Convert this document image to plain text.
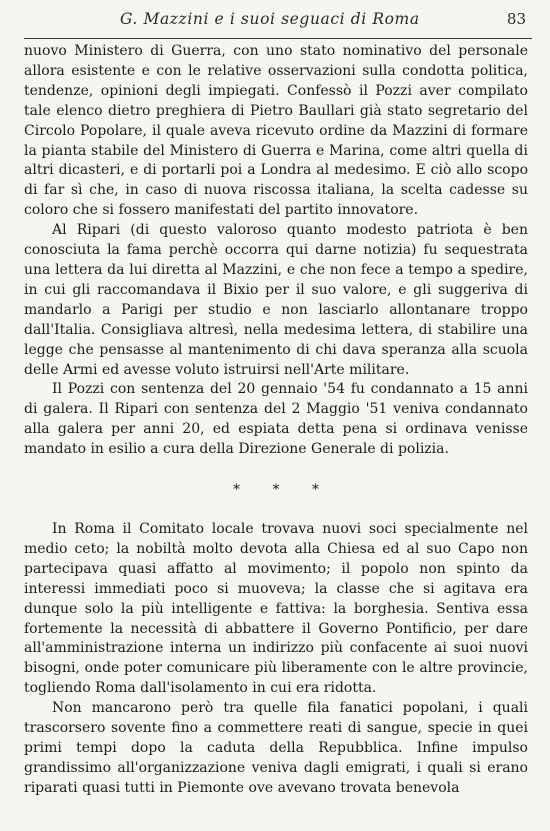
G. Mazzini e i suoi seguaci di Roma	83

nuovo Ministero di Guerra, con uno stato nominativo del personale allora esistente e con le relative osservazioni sulla condotta politica, tendenze, opinioni degli impiegati. Confessò il Pozzi aver compilato tale elenco dietro preghiera di Pietro Baullari già stato segretario del Circolo Popolare, il quale aveva ricevuto ordine da Mazzini di formare la pianta stabile del Ministero di Guerra e Marina, come altri quella di altri dicasteri, e di portarli poi a Londra al medesimo. E ciò allo scopo di far sì che, in caso di nuova riscossa italiana, la scelta cadesse su coloro che si fossero manifestati del partito innovatore.

Al Ripari (di questo valoroso quanto modesto patriota è ben conosciuta la fama perchè occorra qui darne notizia) fu sequestrata una lettera da lui diretta al Mazzini, e che non fece a tempo a spedire, in cui gli raccomandava il Bixio per il suo valore, e gli suggeriva di mandarlo a Parigi per studio e non lasciarlo allontanare troppo dall'Italia. Consigliava altresì, nella medesima lettera, di stabilire una legge che pensasse al mantenimento di chi dava speranza alla scuola delle Armi ed avesse voluto istruirsi nell'Arte militare.

Il Pozzi con sentenza del 20 gennaio '54 fu condannato a 15 anni di galera. Il Ripari con sentenza del 2 Maggio '51 veniva condannato alla galera per anni 20, ed espiata detta pena si ordinava venisse mandato in esilio a cura della Direzione Generale di polizia.

* * *

In Roma il Comitato locale trovava nuovi soci specialmente nel medio ceto; la nobiltà molto devota alla Chiesa ed al suo Capo non partecipava quasi affatto al movimento; il popolo non spinto da interessi immediati poco si muoveva; la classe che si agitava era dunque solo la più intelligente e fattiva: la borghesia. Sentiva essa fortemente la necessità di abbattere il Governo Pontificio, per dare all'amministrazione interna un indirizzo più confacente ai suoi nuovi bisogni, onde poter comunicare più liberamente con le altre provincie, togliendo Roma dall'isolamento in cui era ridotta.

Non mancarono però tra quelle fila fanatici popolani, i quali trascorsero sovente fino a commettere reati di sangue, specie in quei primi tempi dopo la caduta della Repubblica. Infine impulso grandissimo all'organizzazione veniva dagli emigrati, i quali si erano riparati quasi tutti in Piemonte ove avevano trovata benevola
